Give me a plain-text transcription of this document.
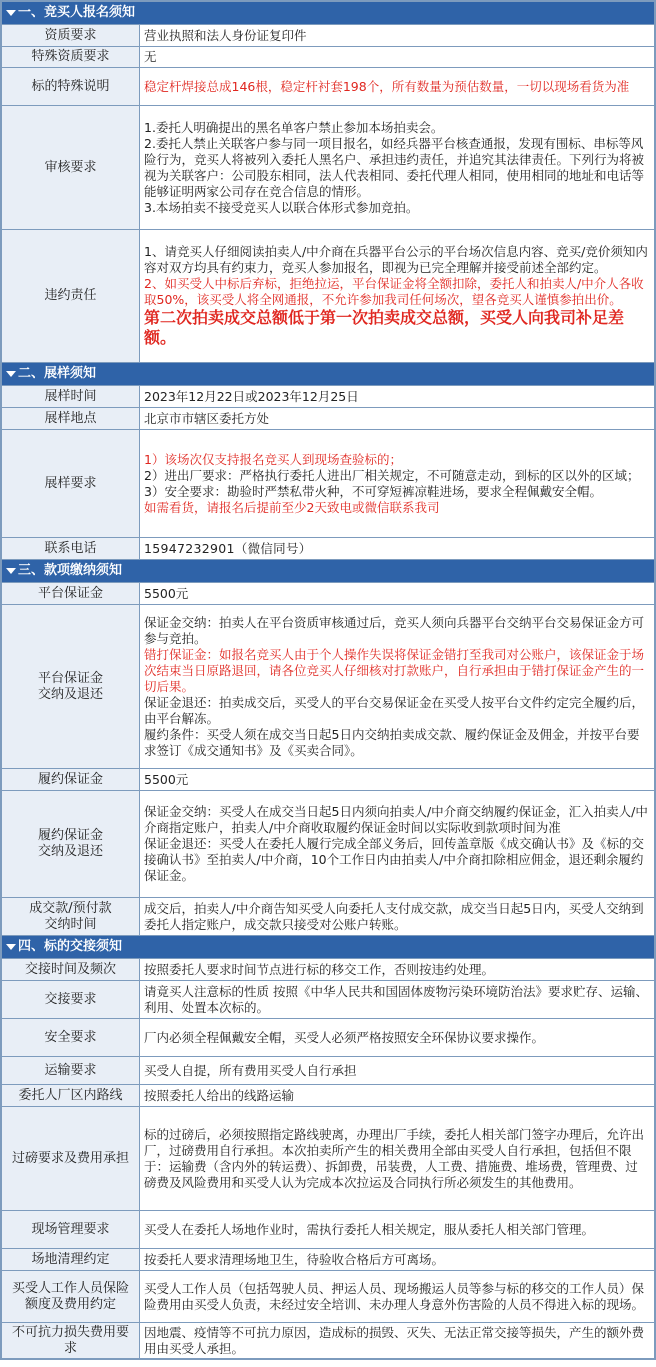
一、竞买人报名须知	
资质要求	营业执照和法人身份证复印件
特殊资质要求	无
标的特殊说明	稳定杆焊接总成146根，稳定杆衬套198个，所有数量为预估数量，一切以现场看货为准
审核要求	1.委托人明确提出的黑名单客户禁止参加本场拍卖会。
2.委托人禁止关联客户参与同一项目报名，如经兵器平台核查通报，发现有围标、串标等风险行为，竞买人将被列入委托人黑名户、承担违约责任，并追究其法律责任。下列行为将被视为关联客户：公司股东相同，法人代表相同、委托代理人相同，使用相同的地址和电话等能够证明两家公司存在竞合信息的情形。
3.本场拍卖不接受竞买人以联合体形式参加竞拍。

违约责任	1、请竞买人仔细阅读拍卖人/中介商在兵器平台公示的平台场次信息内容、竞买/竞价须知内容对双方均具有约束力，竞买人参加报名，即视为已完全理解并接受前述全部约定。
2、如买受人中标后弃标，拒绝拉运，平台保证金将全额扣除，委托人和拍卖人/中介人各收取50%，该买受人将全网通报，不允许参加我司任何场次，望各竞买人谨慎参拍出价。
第二次拍卖成交总额低于第一次拍卖成交总额，买受人向我司补足差额。

二、展样须知	
展样时间	2023年12月22日或2023年12月25日
展样地点	北京市市辖区委托方处
展样要求	1）该场次仅支持报名竞买人到现场查验标的；
2）进出厂要求：严格执行委托人进出厂相关规定，不可随意走动，到标的区以外的区域；
3）安全要求：勘验时严禁私带火种，不可穿短裤凉鞋进场，要求全程佩戴安全帽。
如需看货，请报名后提前至少2天致电或微信联系我司

联系电话	15947232901（微信同号）
三、款项缴纳须知	
平台保证金	5500元

平台保证金
交纳及退还	保证金交纳：拍卖人在平台资质审核通过后，竞买人须向兵器平台交纳平台交易保证金方可参与竞拍。
错打保证金：如报名竞买人由于个人操作失误将保证金错打至我司对公账户，该保证金于场次结束当日原路退回，请各位竞买人仔细核对打款账户，自行承担由于错打保证金产生的一切后果。
保证金退还：拍卖成交后，买受人的平台交易保证金在买受人按平台文件约定完全履约后，由平台解冻。
履约条件：买受人须在成交当日起5日内交纳拍卖成交款、履约保证金及佣金，并按平台要求签订《成交通知书》及《买卖合同》。

履约保证金	5500元

履约保证金
交纳及退还	保证金交纳：买受人在成交当日起5日内须向拍卖人/中介商交纳履约保证金，汇入拍卖人/中介商指定账户，拍卖人/中介商收取履约保证金时间以实际收到款项时间为准
保证金退还：买受人在委托人履行完成全部义务后，回传盖章版《成交确认书》及《标的交接确认书》至拍卖人/中介商，10个工作日内由拍卖人/中介商扣除相应佣金，退还剩余履约保证金。

成交款/预付款
交纳时间	成交后，拍卖人/中介商告知买受人向委托人支付成交款，成交当日起5日内，买受人交纳到委托人指定账户，成交款只接受对公账户转账。
四、标的交接须知	
交接时间及频次	按照委托人要求时间节点进行标的移交工作，否则按违约处理。
交接要求	请竟买人注意标的性质 按照《中华人民共和国固体废物污染环境防治法》要求贮存、运输、利用、处置本次标的。
安全要求	厂内必须全程佩戴安全帽，买受人必须严格按照安全环保协议要求操作。
运输要求	买受人自提，所有费用买受人自行承担
委托人厂区内路线	按照委托人给出的线路运输
过磅要求及费用承担	标的过磅后，必须按照指定路线驶离，办理出厂手续，委托人相关部门签字办理后，允许出厂，过磅费用自行承担。本次拍卖所产生的相关费用全部由买受人自行承担，包括但不限于：运输费（含内外的转运费）、拆卸费，吊装费，人工费、措施费、堆场费，管理费、过磅费及风险费用和买受人认为完成本次拉运及合同执行所必须发生的其他费用。
现场管理要求	买受人在委托人场地作业时，需执行委托人相关规定，服从委托人相关部门管理。
场地清理约定	按委托人要求清理场地卫生，待验收合格后方可离场。
买受人工作人员保险额度及费用约定	买受人工作人员（包括驾驶人员、押运人员、现场搬运人员等参与标的移交的工作人员）保险费用由买受人负责，未经过安全培训、未办理人身意外伤害险的人员不得进入标的现场。
不可抗力损失费用要求	因地震、疫情等不可抗力原因，造成标的损毁、灭失、无法正常交接等损失，产生的额外费用由买受人承担。
